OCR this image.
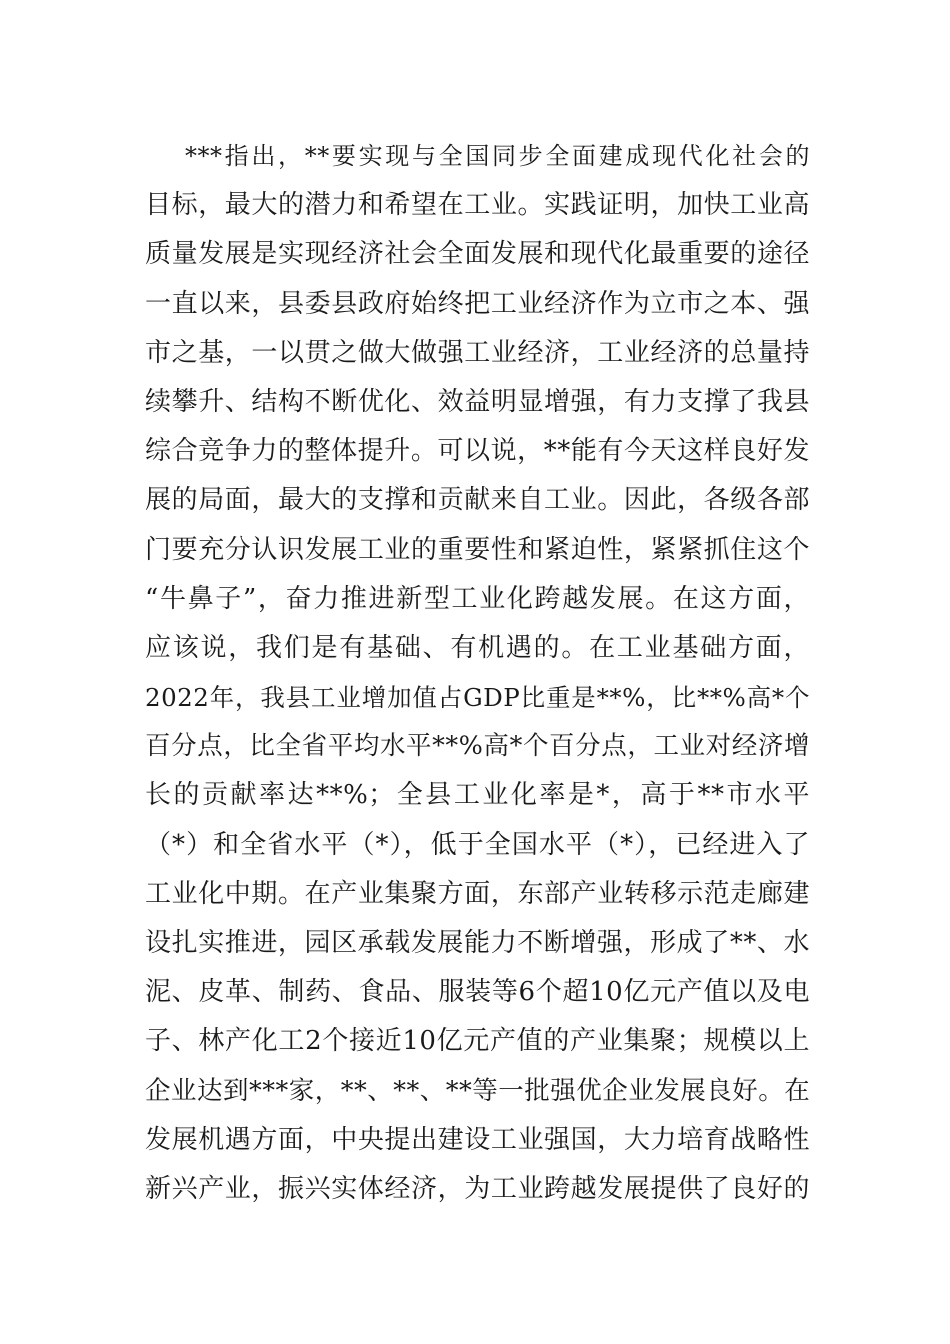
***指出，**要实现与全国同步全面建成现代化社会的
目标，最大的潜力和希望在工业。实践证明，加快工业高
质量发展是实现经济社会全面发展和现代化最重要的途径
一直以来，县委县政府始终把工业经济作为立市之本、强
市之基，一以贯之做大做强工业经济，工业经济的总量持
续攀升、结构不断优化、效益明显增强，有力支撑了我县
综合竞争力的整体提升。可以说，**能有今天这样良好发
展的局面，最大的支撑和贡献来自工业。因此，各级各部
门要充分认识发展工业的重要性和紧迫性，紧紧抓住这个
“牛鼻子”，奋力推进新型工业化跨越发展。在这方面，
应该说，我们是有基础、有机遇的。在工业基础方面，
2022年，我县工业增加值占GDP比重是**%，比**%高*个
百分点，比全省平均水平**%高*个百分点，工业对经济增
长的贡献率达**%；全县工业化率是*，高于**市水平
（*）和全省水平（*），低于全国水平（*），已经进入了
工业化中期。在产业集聚方面，东部产业转移示范走廊建
设扎实推进，园区承载发展能力不断增强，形成了**、水
泥、皮革、制药、食品、服装等6个超10亿元产值以及电
子、林产化工2个接近10亿元产值的产业集聚；规模以上
企业达到***家，**、**、**等一批强优企业发展良好。在
发展机遇方面，中央提出建设工业强国，大力培育战略性
新兴产业，振兴实体经济，为工业跨越发展提供了良好的
